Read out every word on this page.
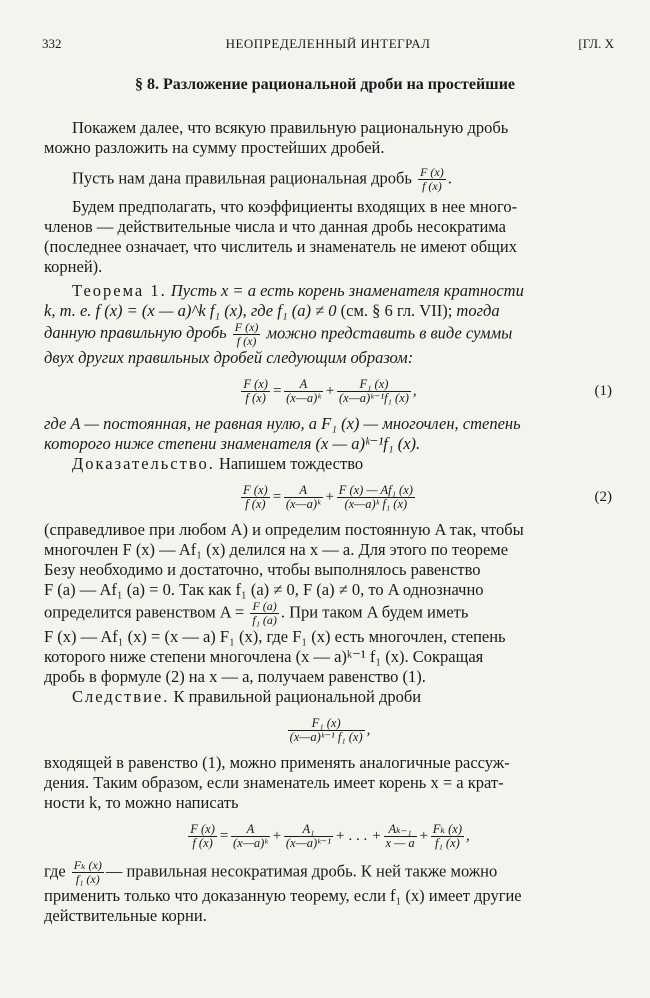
332	НЕОПРЕДЕЛЕННЫЙ ИНТЕГРАЛ	[ГЛ. X
§ 8. Разложение рациональной дроби на простейшие

Покажем далее, что всякую правильную рациональную дробь
можно разложить на сумму простейших дробей.

Пусть нам дана правильная рациональная дробь $\frac{F (x)}{f (x)}$ .

Будем предполагать, что коэффициенты входящих в нее много-
членов — действительные числа и что данная дробь несократима
(последнее означает, что числитель и знаменатель не имеют общих
корней).

Теорема 1. Пусть x = a есть корень знаменателя кратности
k, т. е. f (x) = (x — a)^k f₁ (x), где f₁ (a) ≠ 0 (см. § 6 гл. VII); тогда
данную правильную дробь $\frac{F (x)}{f (x)}$ можно представить в виде суммы
двух других правильных дробей следующим образом:

$\frac{F (x)}{f (x)} = \frac{A}{\text{(x—a)ᵏ}} + \frac{\text{F₁ (x)}}{\text{(x—a)ᵏ⁻¹f₁ (x)}}$ ,	(1)

где A — постоянная, не равная нулю, а F₁ (x) — многочлен, степень
которого ниже степени знаменателя (x — a)ᵏ⁻¹f₁ (x).

Доказательство. Напишем тождество

$\frac{F (x)}{f (x)} = \frac{A}{\text{(x—a)ᵏ}} + \frac{\text{F (x) — Af₁ (x)}}{\text{(x—a)ᵏ f₁ (x)}}$	(2)

(справедливое при любом A) и определим постоянную A так, чтобы
многочлен F (x) — Af₁ (x) делился на x — a. Для этого по теореме
Безу необходимо и достаточно, чтобы выполнялось равенство
F (a) — Af₁ (a) = 0. Так как f₁ (a) ≠ 0, F (a) ≠ 0, то A однозначно
определится равенством $A = \frac{F (a)}{\text{f₁ (a)}}$ . При таком A будем иметь
F (x) — Af₁ (x) = (x — a) F₁ (x), где F₁ (x) есть многочлен, степень
которого ниже степени многочлена (x — a)ᵏ⁻¹ f₁ (x). Сокращая
дробь в формуле (2) на x — a, получаем равенство (1).

Следствие. К правильной рациональной дроби

$\frac{\text{F₁ (x)}}{\text{(x—a)ᵏ⁻¹ f₁ (x)}}$ ,

входящей в равенство (1), можно применять аналогичные рассуж-
дения. Таким образом, если знаменатель имеет корень x = a крат-
ности k, то можно написать

$\frac{F (x)}{f (x)} = \frac{A}{\text{(x—a)ᵏ}} + \frac{\text{A₁}}{\text{(x—a)ᵏ⁻¹}}$ + . . . + $\frac{\text{Aₖ₋₁}}{x — a} + \frac{\text{Fₖ (x)}}{\text{f₁ (x)}}$ ,

где $\frac{\text{Fₖ (x)}}{\text{f₁ (x)}}$ — правильная несократимая дробь. К ней также можно
применить только что доказанную теорему, если f₁ (x) имеет другие
действительные корни.
